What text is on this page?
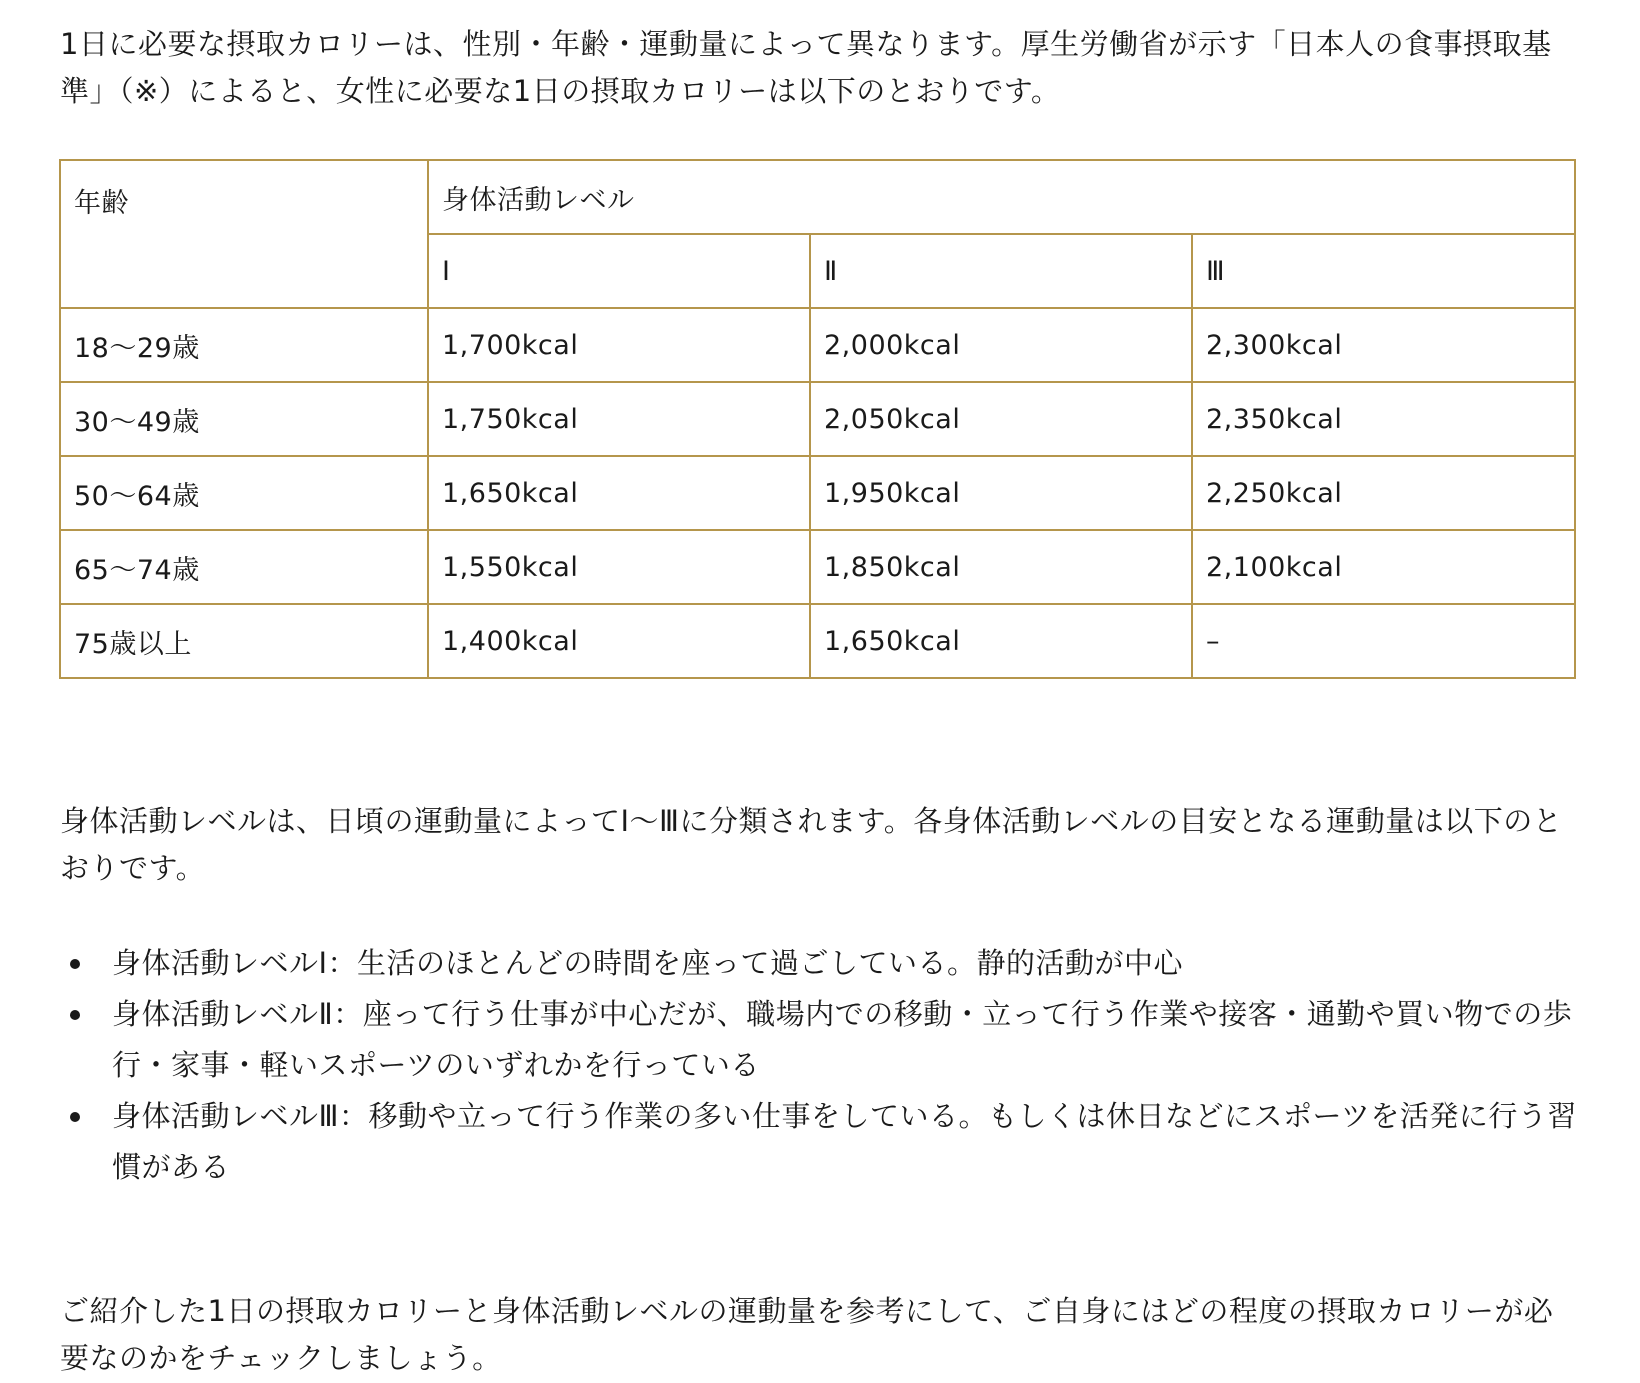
1日に必要な摂取カロリーは、性別・年齢・運動量によって異なります。厚生労働省が示す「日本人の食事摂取基準」（※）によると、女性に必要な1日の摂取カロリーは以下のとおりです。

年齢	身体活動レベル		
	Ⅰ	Ⅱ	Ⅲ
18〜29歳	1,700kcal	2,000kcal	2,300kcal
30〜49歳	1,750kcal	2,050kcal	2,350kcal
50〜64歳	1,650kcal	1,950kcal	2,250kcal
65〜74歳	1,550kcal	1,850kcal	2,100kcal
75歳以上	1,400kcal	1,650kcal	–

身体活動レベルは、日頃の運動量によってⅠ〜Ⅲに分類されます。各身体活動レベルの目安となる運動量は以下のとおりです。

身体活動レベルⅠ：生活のほとんどの時間を座って過ごしている。静的活動が中心
身体活動レベルⅡ：座って行う仕事が中心だが、職場内での移動・立って行う作業や接客・通勤や買い物での歩行・家事・軽いスポーツのいずれかを行っている
身体活動レベルⅢ：移動や立って行う作業の多い仕事をしている。もしくは休日などにスポーツを活発に行う習慣がある

ご紹介した1日の摂取カロリーと身体活動レベルの運動量を参考にして、ご自身にはどの程度の摂取カロリーが必要なのかをチェックしましょう。
